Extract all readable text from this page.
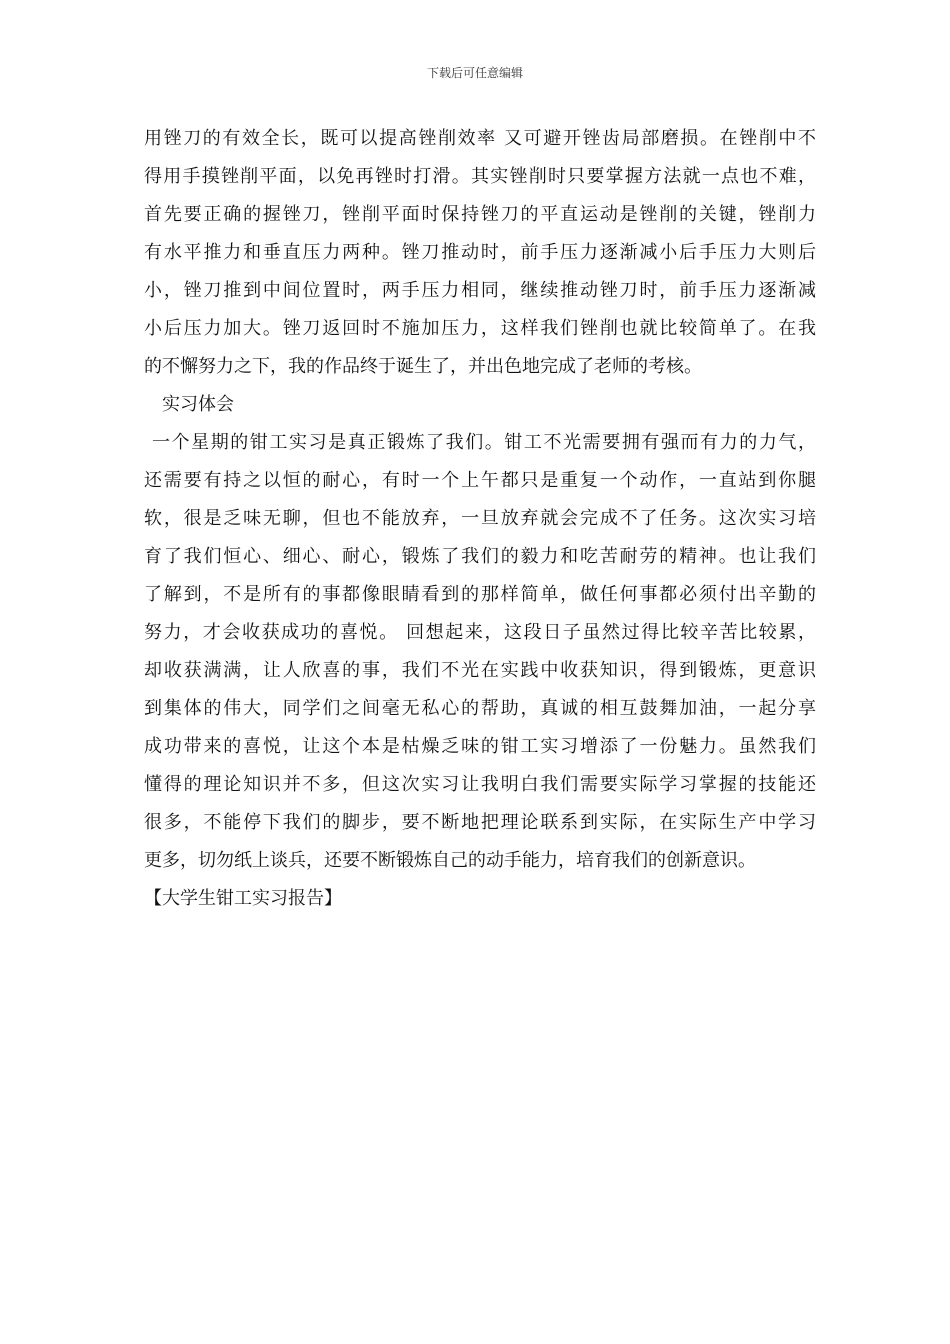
下载后可任意编辑
用锉刀的有效全长，既可以提高锉削效率 又可避开锉齿局部磨损。在锉削中不
得用手摸锉削平面，以免再锉时打滑。其实锉削时只要掌握方法就一点也不难，
首先要正确的握锉刀，锉削平面时保持锉刀的平直运动是锉削的关键，锉削力
有水平推力和垂直压力两种。锉刀推动时，前手压力逐渐减小后手压力大则后
小，锉刀推到中间位置时，两手压力相同，继续推动锉刀时，前手压力逐渐减
小后压力加大。锉刀返回时不施加压力，这样我们锉削也就比较简单了。在我
的不懈努力之下，我的作品终于诞生了，并出色地完成了老师的考核。
实习体会
一个星期的钳工实习是真正锻炼了我们。钳工不光需要拥有强而有力的力气，
还需要有持之以恒的耐心，有时一个上午都只是重复一个动作，一直站到你腿
软，很是乏味无聊，但也不能放弃，一旦放弃就会完成不了任务。这次实习培
育了我们恒心、细心、耐心，锻炼了我们的毅力和吃苦耐劳的精神。也让我们
了解到，不是所有的事都像眼睛看到的那样简单，做任何事都必须付出辛勤的
努力，才会收获成功的喜悦。 回想起来，这段日子虽然过得比较辛苦比较累，
却收获满满，让人欣喜的事，我们不光在实践中收获知识，得到锻炼，更意识
到集体的伟大，同学们之间毫无私心的帮助，真诚的相互鼓舞加油，一起分享
成功带来的喜悦，让这个本是枯燥乏味的钳工实习增添了一份魅力。虽然我们
懂得的理论知识并不多，但这次实习让我明白我们需要实际学习掌握的技能还
很多，不能停下我们的脚步，要不断地把理论联系到实际，在实际生产中学习
更多，切勿纸上谈兵，还要不断锻炼自己的动手能力，培育我们的创新意识。
【大学生钳工实习报告】
